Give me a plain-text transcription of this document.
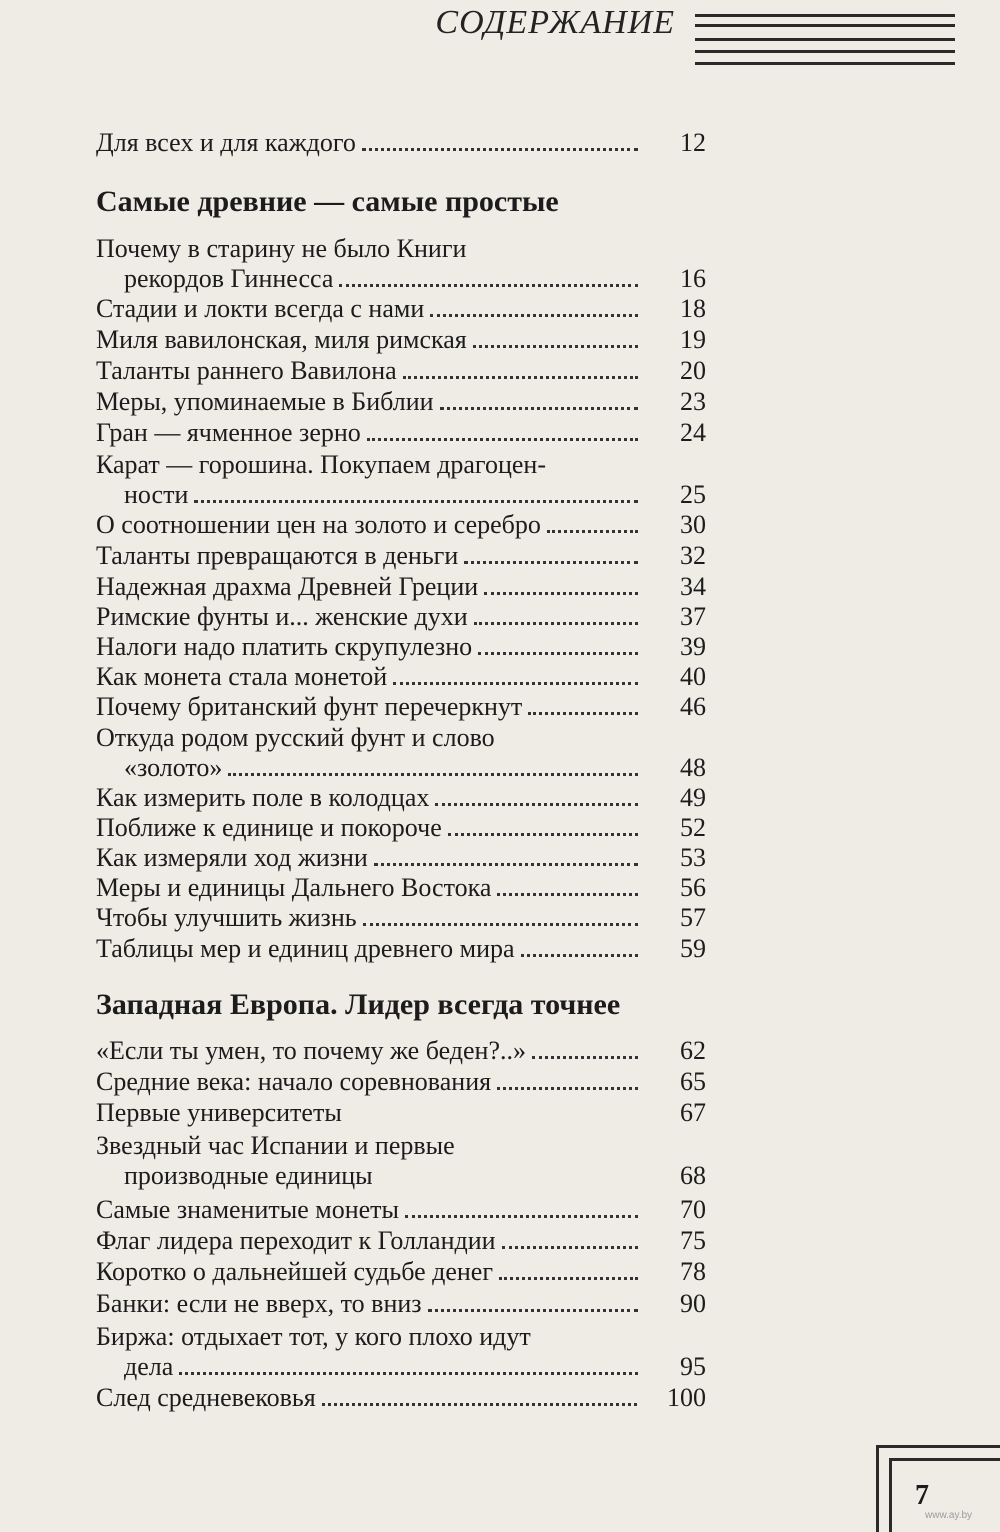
СОДЕРЖАНИЕ
Для всех и для каждого	12
Самые древние — самые простые
Почему в старину не было Книги
рекордов Гиннесса	16
Стадии и локти всегда с нами	18
Миля вавилонская, миля римская	19
Таланты раннего Вавилона	20
Меры, упоминаемые в Библии	23
Гран — ячменное зерно	24
Карат — горошина. Покупаем драгоцен-
ности	25
О соотношении цен на золото и серебро	30
Таланты превращаются в деньги	32
Надежная драхма Древней Греции	34
Римские фунты и... женские духи	37
Налоги надо платить скрупулезно	39
Как монета стала монетой	40
Почему британский фунт перечеркнут	46
Откуда родом русский фунт и слово
«золото»	48
Как измерить поле в колодцах	49
Поближе к единице и покороче	52
Как измеряли ход жизни	53
Меры и единицы Дальнего Востока	56
Чтобы улучшить жизнь	57
Таблицы мер и единиц древнего мира	59
Западная Европа. Лидер всегда точнее
«Если ты умен, то почему же беден?..»	62
Средние века: начало соревнования	65
Первые университеты	67
Звездный час Испании и первые
производные единицы	68
Самые знаменитые монеты	70
Флаг лидера переходит к Голландии	75
Коротко о дальнейшей судьбе денег	78
Банки: если не вверх, то вниз	90
Биржа: отдыхает тот, у кого плохо идут
дела	95
След средневековья	100
7
www.ay.by
